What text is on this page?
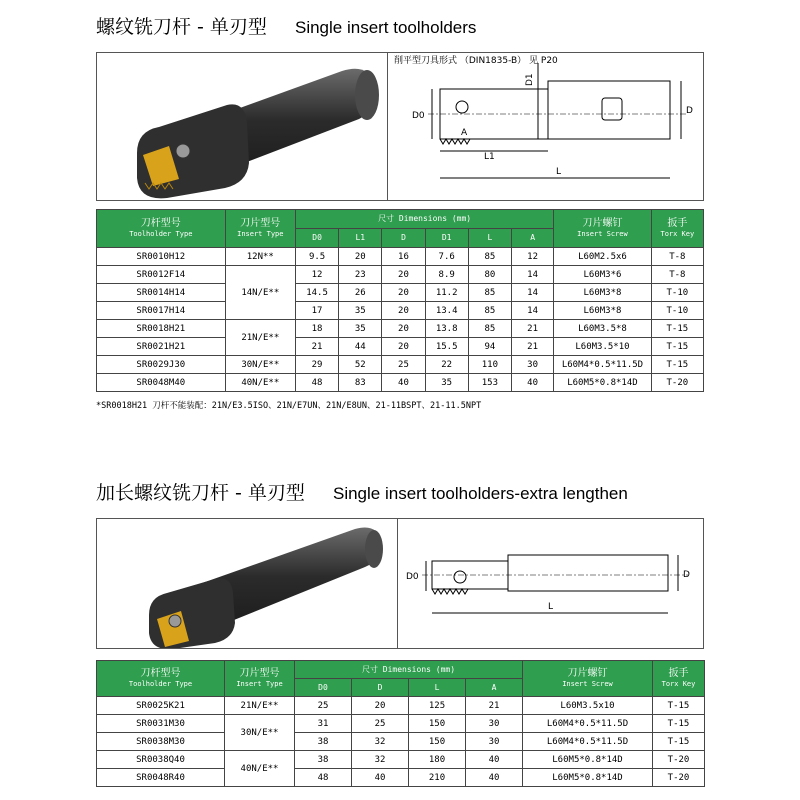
螺纹铣刀杆 - 单刃型 Single insert toolholders
削平型刀具形式 （DIN1835-B） 见 P20
D0
D1
A
L1
L
D
刀杆型号
Toolholder Type	刀片型号
Insert Type	尺寸 Dimensions (mm)						刀片螺钉
Insert Screw	扳手
Torx Key

		D0	L1	D	D1	L	A		
SR0010H12	12N**	9.5	20	16	7.6	85	12	L60M2.5x6	T-8
SR0012F14	14N/E**	12	23	20	8.9	80	14	L60M3*6	T-8
SR0014H14		14.5	26	20	11.2	85	14	L60M3*8	T-10
SR0017H14		17	35	20	13.4	85	14	L60M3*8	T-10
SR0018H21	21N/E**	18	35	20	13.8	85	21	L60M3.5*8	T-15
SR0021H21		21	44	20	15.5	94	21	L60M3.5*10	T-15
SR0029J30	30N/E**	29	52	25	22	110	30	L60M4*0.5*11.5D	T-15
SR0048M40	40N/E**	48	83	40	35	153	40	L60M5*0.8*14D	T-20
*SR0018H21 刀杆不能装配：21N/E3.5ISO、21N/E7UN、21N/E8UN、21-11BSPT、21-11.5NPT
加长螺纹铣刀杆 - 单刃型 Single insert toolholders-extra lengthen
D0
L
D
刀杆型号
Toolholder Type	刀片型号
Insert Type	尺寸 Dimensions (mm)				刀片螺钉
Insert Screw	扳手
Torx Key

		D0	D	L	A		
SR0025K21	21N/E**	25	20	125	21	L60M3.5x10	T-15
SR0031M30	30N/E**	31	25	150	30	L60M4*0.5*11.5D	T-15
SR0038M30		38	32	150	30	L60M4*0.5*11.5D	T-15
SR0038Q40	40N/E**	38	32	180	40	L60M5*0.8*14D	T-20
SR0048R40		48	40	210	40	L60M5*0.8*14D	T-20
